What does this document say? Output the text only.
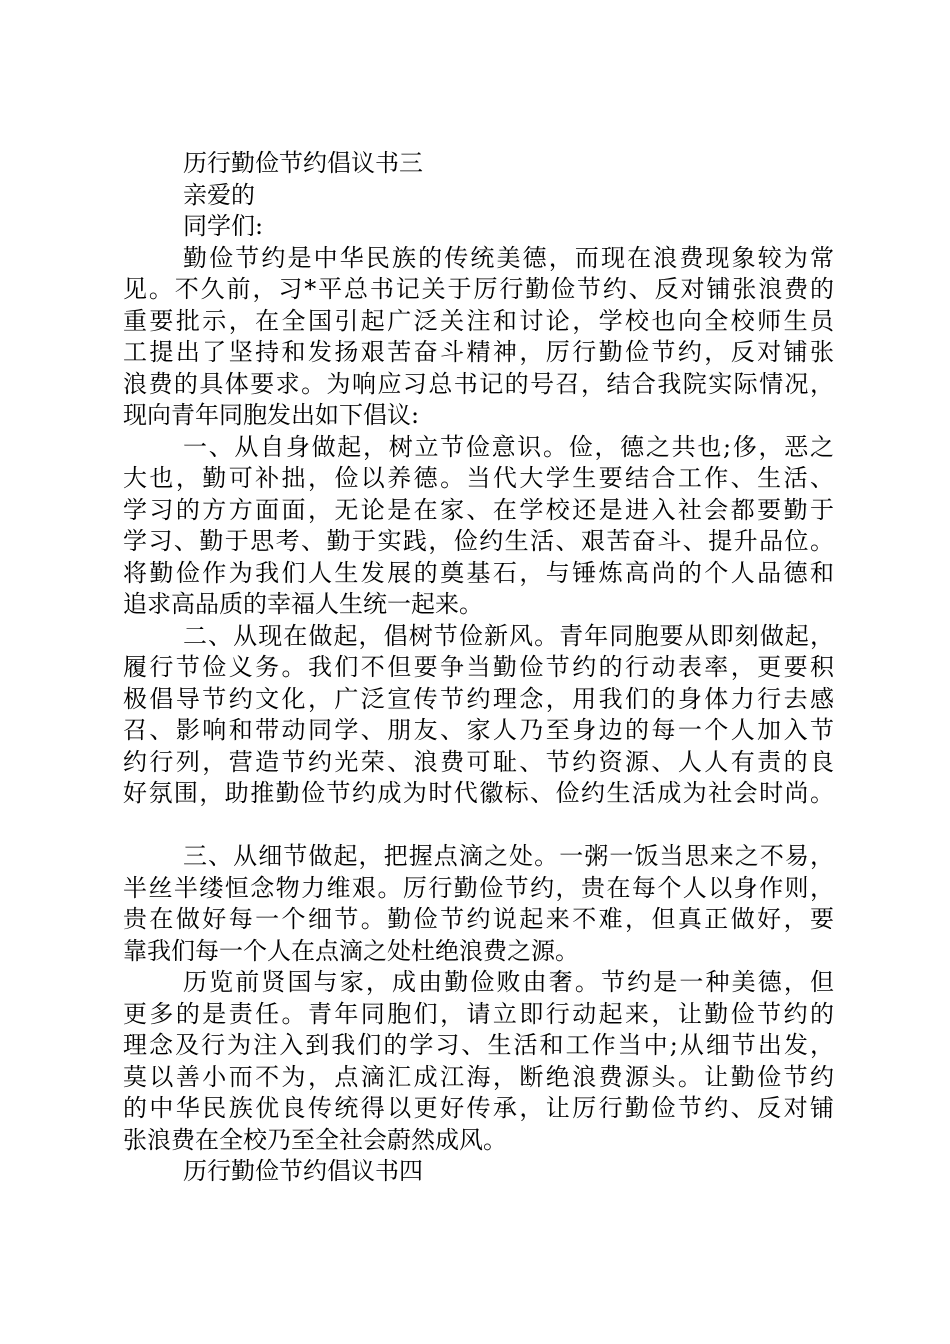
历行勤俭节约倡议书三
亲爱的
同学们:
勤俭节约是中华民族的传统美德，而现在浪费现象较为常
见。不久前，习*平总书记关于厉行勤俭节约、反对铺张浪费的
重要批示，在全国引起广泛关注和讨论，学校也向全校师生员
工提出了坚持和发扬艰苦奋斗精神，厉行勤俭节约，反对铺张
浪费的具体要求。为响应习总书记的号召，结合我院实际情况，
现向青年同胞发出如下倡议:
一、从自身做起，树立节俭意识。俭，德之共也;侈，恶之
大也，勤可补拙，俭以养德。当代大学生要结合工作、生活、
学习的方方面面，无论是在家、在学校还是进入社会都要勤于
学习、勤于思考、勤于实践，俭约生活、艰苦奋斗、提升品位。
将勤俭作为我们人生发展的奠基石，与锤炼高尚的个人品德和
追求高品质的幸福人生统一起来。
二、从现在做起，倡树节俭新风。青年同胞要从即刻做起，
履行节俭义务。我们不但要争当勤俭节约的行动表率，更要积
极倡导节约文化，广泛宣传节约理念，用我们的身体力行去感
召、影响和带动同学、朋友、家人乃至身边的每一个人加入节
约行列，营造节约光荣、浪费可耻、节约资源、人人有责的良
好氛围，助推勤俭节约成为时代徽标、俭约生活成为社会时尚。
三、从细节做起，把握点滴之处。一粥一饭当思来之不易，
半丝半缕恒念物力维艰。厉行勤俭节约，贵在每个人以身作则，
贵在做好每一个细节。勤俭节约说起来不难，但真正做好，要
靠我们每一个人在点滴之处杜绝浪费之源。
历览前贤国与家，成由勤俭败由奢。节约是一种美德，但
更多的是责任。青年同胞们，请立即行动起来，让勤俭节约的
理念及行为注入到我们的学习、生活和工作当中;从细节出发，
莫以善小而不为，点滴汇成江海，断绝浪费源头。让勤俭节约
的中华民族优良传统得以更好传承，让厉行勤俭节约、反对铺
张浪费在全校乃至全社会蔚然成风。
历行勤俭节约倡议书四
